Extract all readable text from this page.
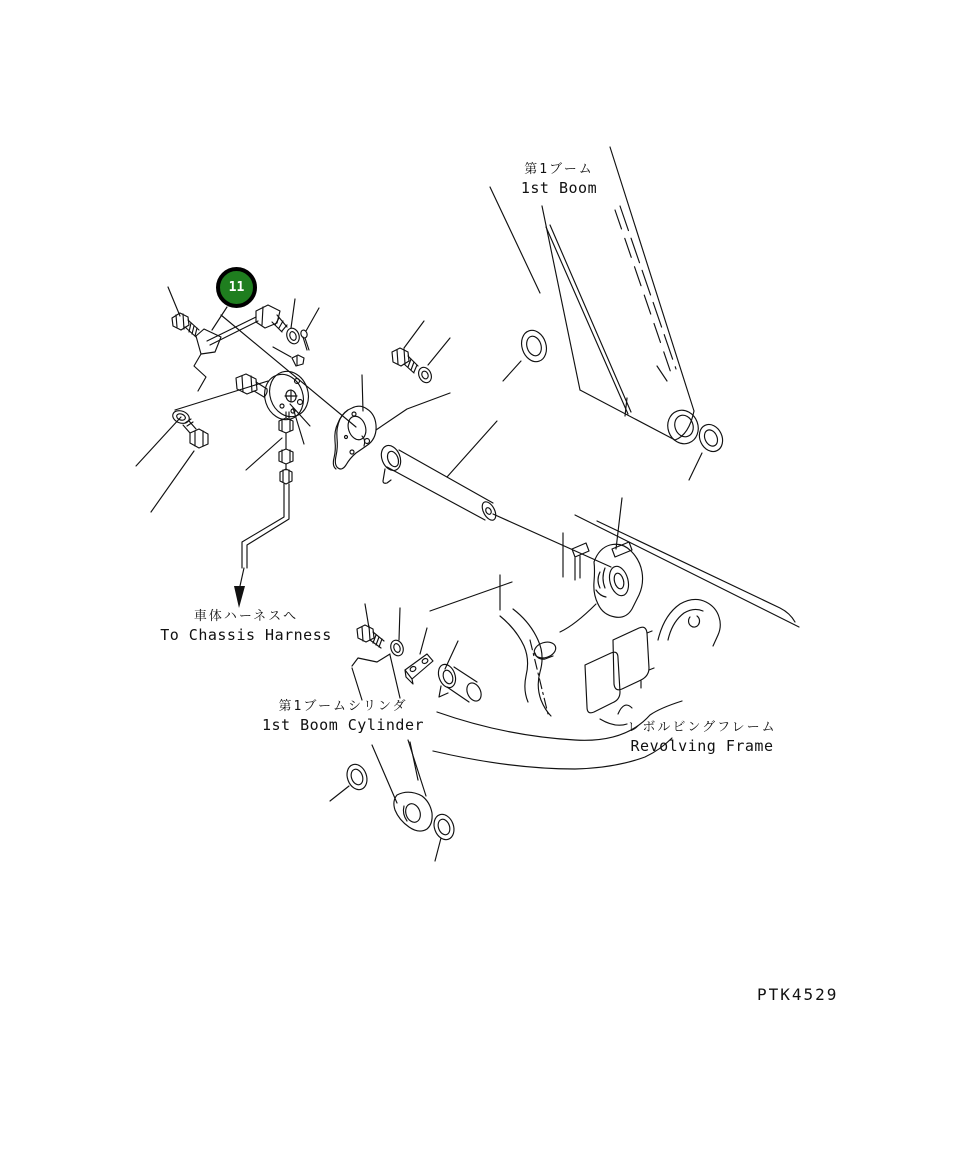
11
第1ブーム
1st Boom
車体ハーネスへ
To Chassis Harness
第1ブームシリンダ
1st Boom Cylinder	レボルビングフレーム
Revolving Frame
PTK4529
